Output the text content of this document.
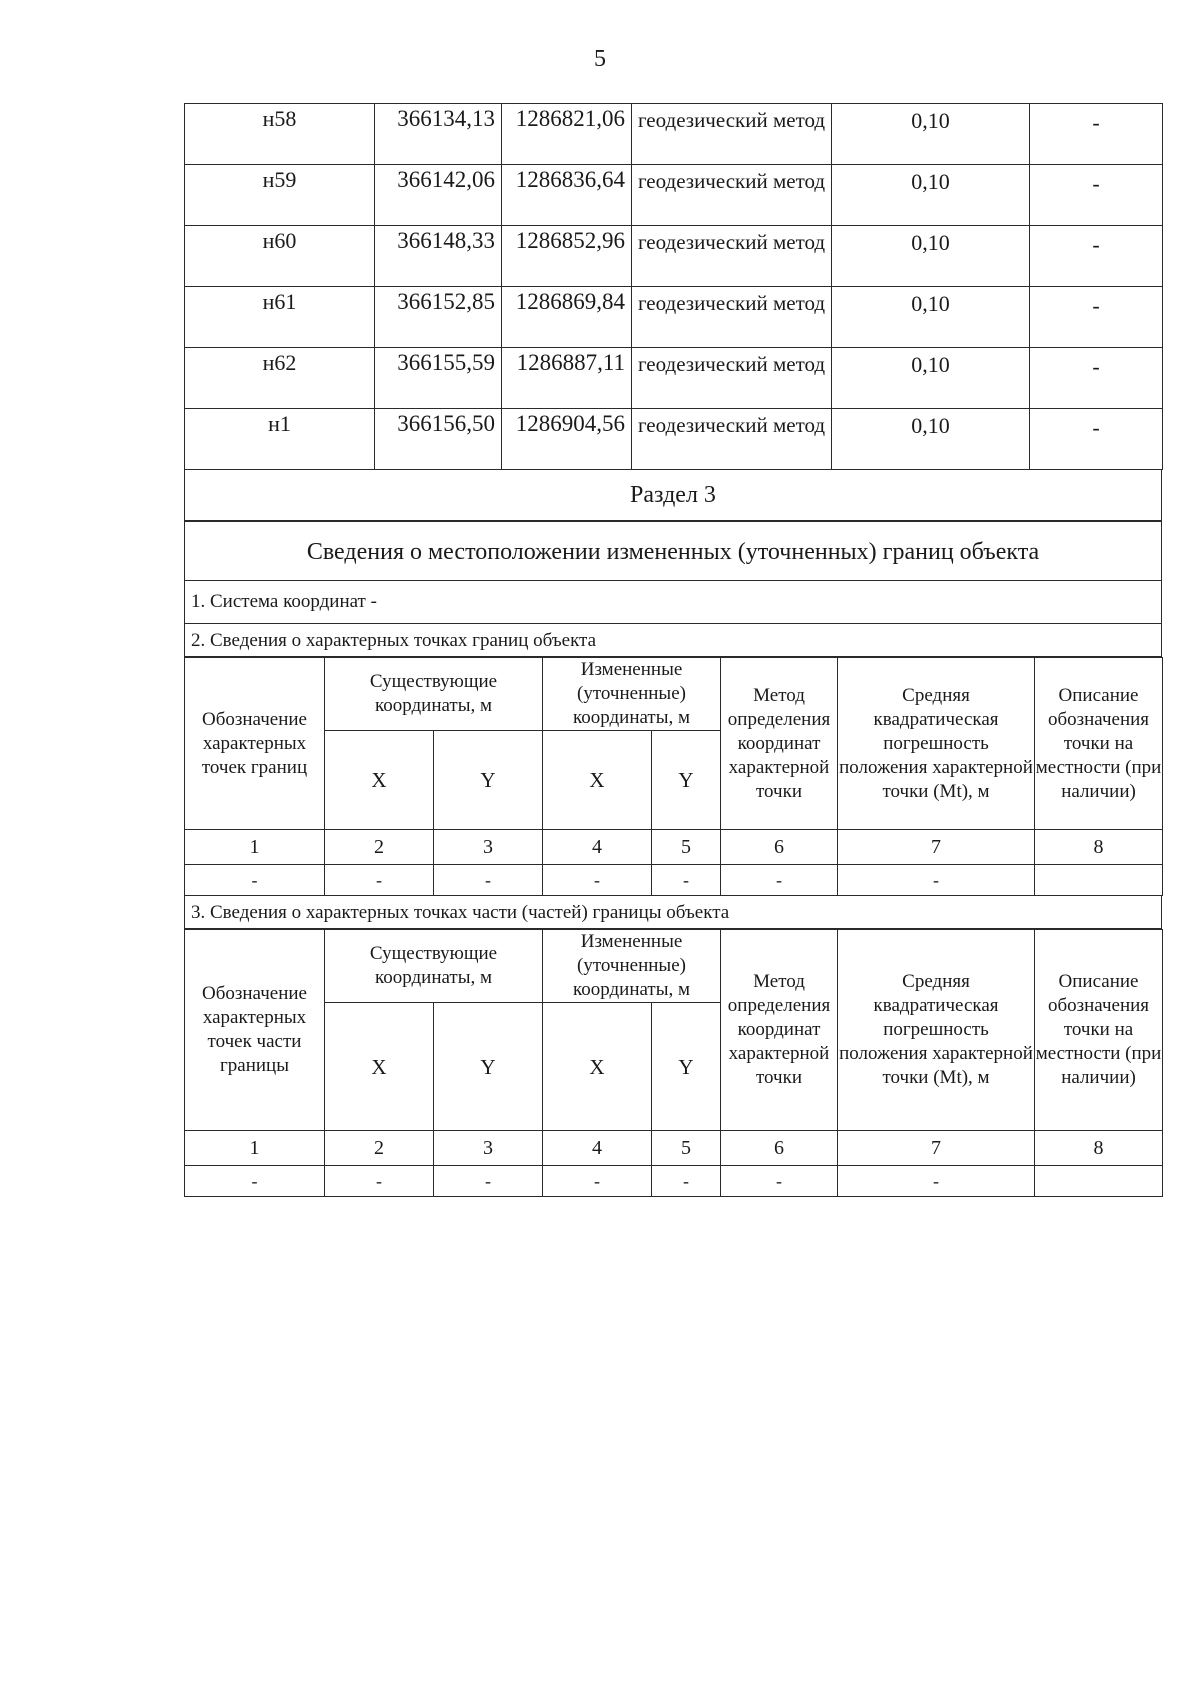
5
н58	366134,13	1286821,06	геодезический метод	0,10	-
н59	366142,06	1286836,64	геодезический метод	0,10	-
н60	366148,33	1286852,96	геодезический метод	0,10	-
н61	366152,85	1286869,84	геодезический метод	0,10	-
н62	366155,59	1286887,11	геодезический метод	0,10	-
н1	366156,50	1286904,56	геодезический метод	0,10	-
Раздел 3
Сведения о местоположении измененных (уточненных) границ объекта
1. Система координат -
2. Сведения о характерных точках границ объекта
Обозначение характерных точек границ	Существующие координаты, м		Измененные (уточненные) координаты, м		Метод определения координат характерной точки	Средняя квадратическая погрешность положения характерной точки (Mt), м	Описание обозначения точки на местности (при наличии)
	X	Y	X	Y			
1	2	3	4	5	6	7	8
-	-	-	-	-	-	-	
3. Сведения о характерных точках части (частей) границы объекта
Обозначение характерных точек части границы	Существующие координаты, м		Измененные (уточненные) координаты, м		Метод определения координат характерной точки	Средняя квадратическая погрешность положения характерной точки (Mt), м	Описание обозначения точки на местности (при наличии)
	X	Y	X	Y			
1	2	3	4	5	6	7	8
-	-	-	-	-	-	-	
